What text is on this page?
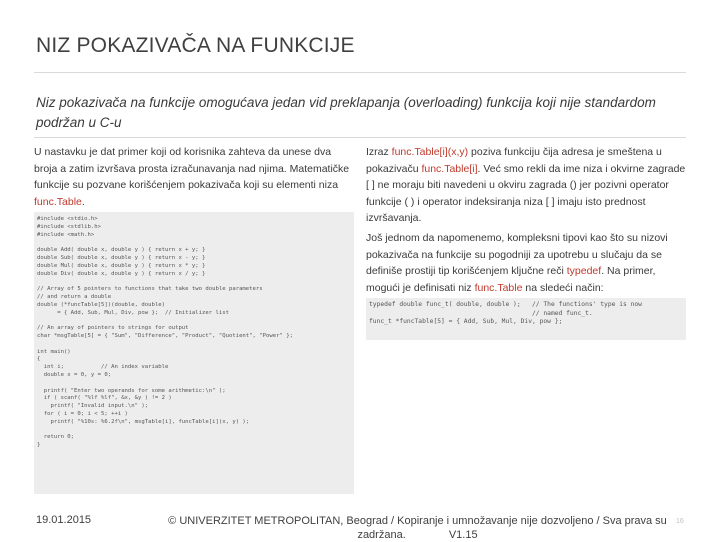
NIZ POKAZIVAČA NA FUNKCIJE
Niz pokazivača na funkcije omogućava jedan vid preklapanja (overloading) funkcija koji nije standardom podržan u C-u
U nastavku je dat primer koji od korisnika zahteva da unese dva broja a zatim izvršava prosta izračunavanja nad njima. Matematičke funkcije su pozvane korišćenjem pokazivača koji su elementi niza func.Table.
#include <stdio.h>
#include <stdlib.h>
#include <math.h>

double Add( double x, double y ) { return x + y; }
double Sub( double x, double y ) { return x - y; }
double Mul( double x, double y ) { return x * y; }
double Div( double x, double y ) { return x / y; }

// Array of 5 pointers to functions that take two double parameters
// and return a double
double (*funcTable[5])(double, double)
= { Add, Sub, Mul, Div, pow };  // Initializer list

// An array of pointers to strings for output
char *msgTable[5] = { "Sum", "Difference", "Product", "Quotient", "Power" };

int main()
{
int i;           // An index variable
double x = 0, y = 0;

printf( "Enter two operands for some arithmetic:\n" );
if ( scanf( "%lf %lf", &x, &y ) != 2 )
printf( "Invalid input.\n" );
for ( i = 0; i < 5; ++i )
printf( "%10s: %6.2f\n", msgTable[i], funcTable[i](x, y) );

return 0;
}
Izraz func.Table[i](x,y) poziva funkciju čija adresa je smeštena u pokazivaču func.Table[i]. Već smo rekli da ime niza i okvirne zagrade [ ] ne moraju biti navedeni u okviru zagrada () jer pozivni operator funkcije ( ) i operator indeksiranja niza [ ] imaju isto prednost izvršavanja.
Još jednom da napomenemo, kompleksni tipovi kao što su nizovi pokazivača na funkcije su pogodniji za upotrebu u slučaju da se definiše prostiji tip korišćenjem ključne reči typedef. Na primer, mogući je definisati niz func.Table na sledeći način:
typedef double func_t( double, double );   // The functions' type is now
// named func_t.
func_t *funcTable[5] = { Add, Sub, Mul, Div, pow };
19.01.2015	© UNIVERZITET METROPOLITAN, Beograd / Kopiranje i umnožavanje nije dozvoljeno / Sva prava su zadržana.	V1.15
16
